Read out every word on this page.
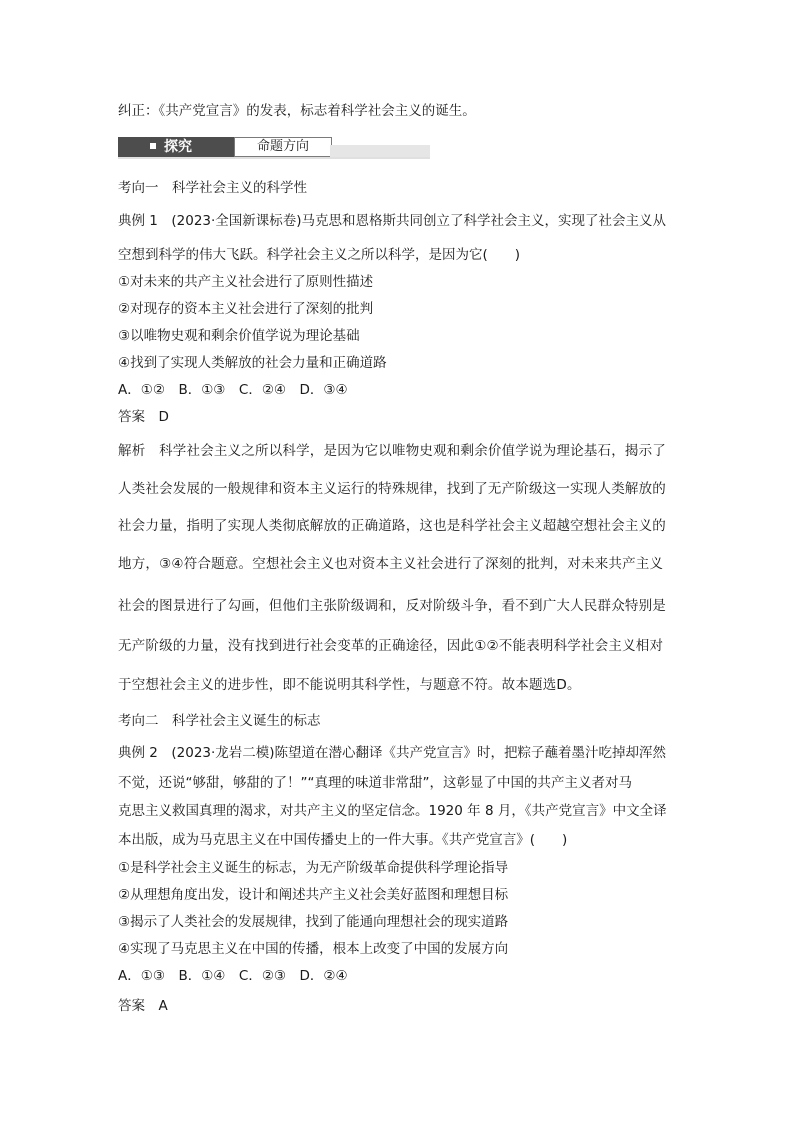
纠正：《共产党宣言》的发表，标志着科学社会主义的诞生。
探究	命题方向
考向一　科学社会主义的科学性
典例 1　(2023·全国新课标卷)马克思和恩格斯共同创立了科学社会主义，实现了社会主义从
空想到科学的伟大飞跃。科学社会主义之所以科学，是因为它(　　)
①对未来的共产主义社会进行了原则性描述
②对现存的资本主义社会进行了深刻的批判
③以唯物史观和剩余价值学说为理论基础
④找到了实现人类解放的社会力量和正确道路
A．①②　B．①③　C．②④　D．③④
答案　D
解析　科学社会主义之所以科学，是因为它以唯物史观和剩余价值学说为理论基石，揭示了
人类社会发展的一般规律和资本主义运行的特殊规律，找到了无产阶级这一实现人类解放的
社会力量，指明了实现人类彻底解放的正确道路，这也是科学社会主义超越空想社会主义的
地方，③④符合题意。空想社会主义也对资本主义社会进行了深刻的批判，对未来共产主义
社会的图景进行了勾画，但他们主张阶级调和，反对阶级斗争，看不到广大人民群众特别是
无产阶级的力量，没有找到进行社会变革的正确途径，因此①②不能表明科学社会主义相对
于空想社会主义的进步性，即不能说明其科学性，与题意不符。故本题选D。
考向二　科学社会主义诞生的标志
典例 2　(2023·龙岩二模)陈望道在潜心翻译《共产党宣言》时，把粽子蘸着墨汁吃掉却浑然
不觉，还说“够甜，够甜的了！”“真理的味道非常甜”，这彰显了中国的共产主义者对马
克思主义救国真理的渴求，对共产主义的坚定信念。1920 年 8 月，《共产党宣言》中文全译
本出版，成为马克思主义在中国传播史上的一件大事。《共产党宣言》(　　)
①是科学社会主义诞生的标志，为无产阶级革命提供科学理论指导
②从理想角度出发，设计和阐述共产主义社会美好蓝图和理想目标
③揭示了人类社会的发展规律，找到了能通向理想社会的现实道路
④实现了马克思主义在中国的传播，根本上改变了中国的发展方向
A．①③　B．①④　C．②③　D．②④
答案　A
